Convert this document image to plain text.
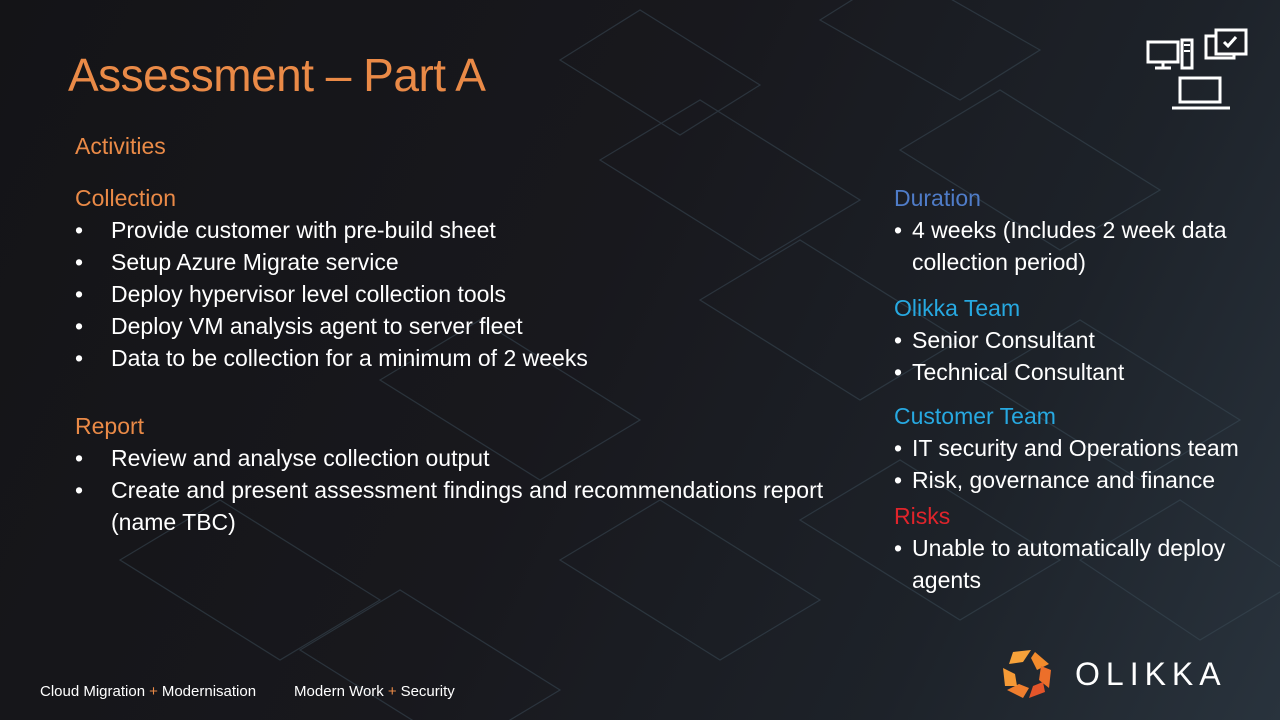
Assessment – Part A
Activities
Collection
• Provide customer with pre-build sheet
• Setup Azure Migrate service
• Deploy hypervisor level collection tools
• Deploy VM analysis agent to server fleet
• Data to be collection for a minimum of 2 weeks
Report
• Review and analyse collection output
• Create and present assessment findings and recommendations report (name TBC)
Duration
• 4 weeks (Includes 2 week data collection period)
Olikka Team
• Senior Consultant
• Technical Consultant
Customer Team
• IT security and Operations team
• Risk, governance and finance
Risks
• Unable to automatically deploy agents
Cloud Migration + Modernisation	Modern Work + Security	OLIKKA
